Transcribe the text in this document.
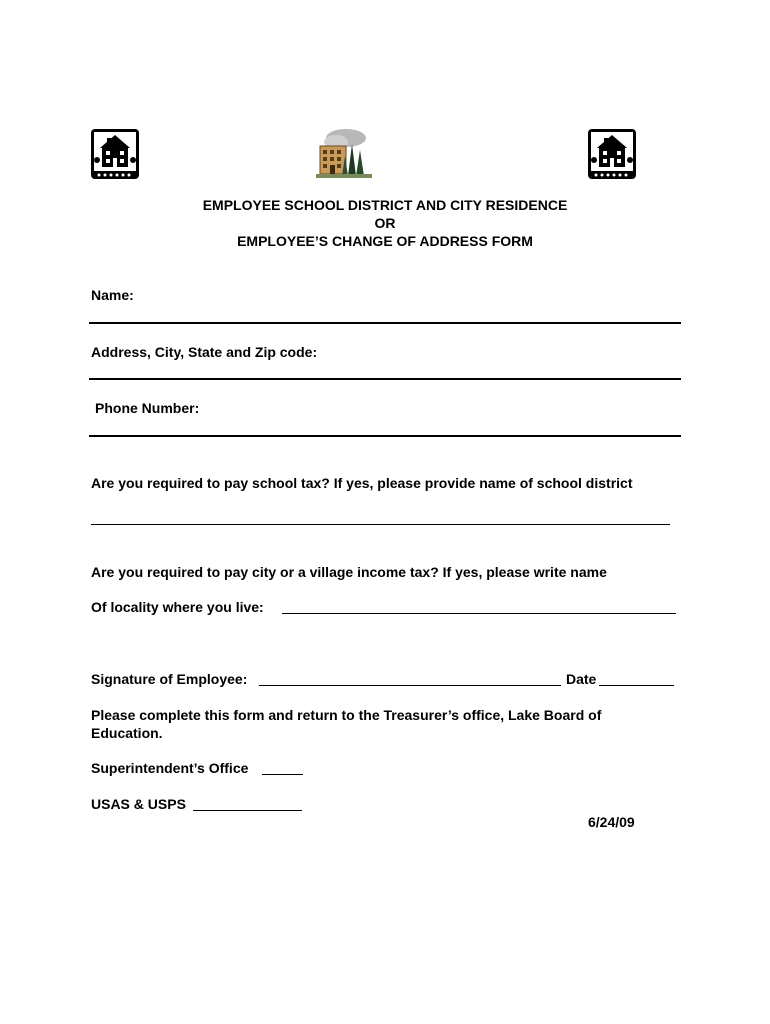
EMPLOYEE SCHOOL DISTRICT AND CITY RESIDENCE
OR
EMPLOYEE’S CHANGE OF ADDRESS FORM
Name:
Address, City, State and Zip code:
Phone Number:
Are you required to pay school tax? If yes, please provide name of school district
Are you required to pay city or a village income tax? If yes, please write name
Of locality where you live:
Signature of Employee:	Date
Please complete this form and return to the Treasurer’s office, Lake Board of
Education.
Superintendent’s Office
USAS & USPS
6/24/09
